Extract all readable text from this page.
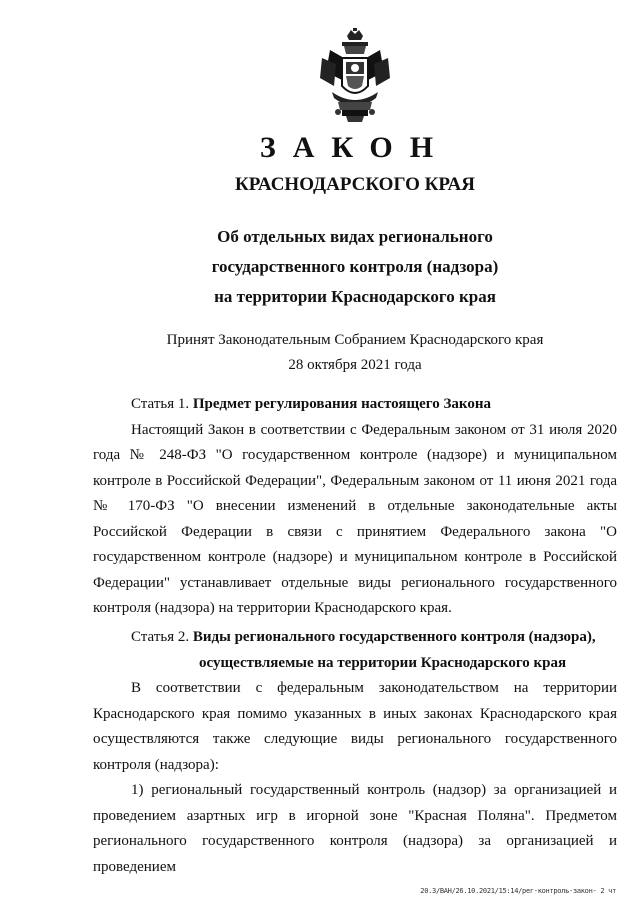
ЗАКОН
КРАСНОДАРСКОГО КРАЯ
Об отдельных видах регионального
государственного контроля (надзора)
на территории Краснодарского края
Принят Законодательным Собранием Краснодарского края
28 октября 2021 года
Статья 1. Предмет регулирования настоящего Закона

Настоящий Закон в соответствии с Федеральным законом от 31 июля 2020 года № 248-ФЗ "О государственном контроле (надзоре) и муниципальном контроле в Российской Федерации", Федеральным законом от 11 июня 2021 года № 170-ФЗ "О внесении изменений в отдельные законодательные акты Российской Федерации в связи с принятием Федерального закона "О государственном контроле (надзоре) и муниципальном контроле в Российской Федерации" устанавливает отдельные виды регионального государственного контроля (надзора) на территории Краснодарского края.

Статья 2. Виды регионального государственного контроля (надзора),
осуществляемые на территории Краснодарского края

В соответствии с федеральным законодательством на территории Краснодарского края помимо указанных в иных законах Краснодарского края осуществляются также следующие виды регионального государственного контроля (надзора):

1) региональный государственный контроль (надзор) за организацией и проведением азартных игр в игорной зоне "Красная Поляна". Предметом регионального государственного контроля (надзора) за организацией и проведением

20.3/ВАН/26.10.2021/15:14/рег-контроль-закон- 2 чт
